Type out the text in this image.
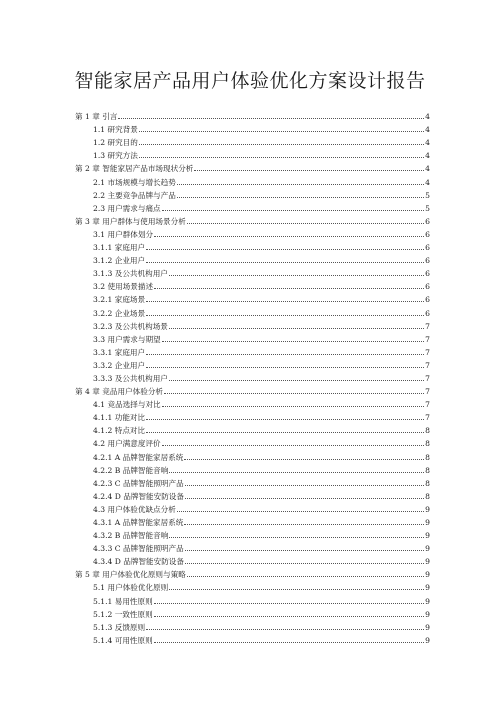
智能家居产品用户体验优化方案设计报告
第 1 章 引言	4
1.1 研究背景	4
1.2 研究目的	4
1.3 研究方法	4
第 2 章 智能家居产品市场现状分析	4
2.1 市场规模与增长趋势	4
2.2 主要竞争品牌与产品	5
2.3 用户需求与痛点	5
第 3 章 用户群体与使用场景分析	6
3.1 用户群体划分	6
3.1.1 家庭用户	6
3.1.2 企业用户	6
3.1.3 及公共机构用户	6
3.2 使用场景描述	6
3.2.1 家庭场景	6
3.2.2 企业场景	6
3.2.3 及公共机构场景	7
3.3 用户需求与期望	7
3.3.1 家庭用户	7
3.3.2 企业用户	7
3.3.3 及公共机构用户	7
第 4 章 竞品用户体验分析	7
4.1 竞品选择与对比	7
4.1.1 功能对比	7
4.1.2 特点对比	8
4.2 用户满意度评价	8
4.2.1 A 品牌智能家居系统	8
4.2.2 B 品牌智能音响	8
4.2.3 C 品牌智能照明产品	8
4.2.4 D 品牌智能安防设备	8
4.3 用户体验优缺点分析	9
4.3.1 A 品牌智能家居系统	9
4.3.2 B 品牌智能音响	9
4.3.3 C 品牌智能照明产品	9
4.3.4 D 品牌智能安防设备	9
第 5 章 用户体验优化原则与策略	9
5.1 用户体验优化原则	9
5.1.1 易用性原则	9
5.1.2 一致性原则	9
5.1.3 反馈原则	9
5.1.4 可用性原则	9
